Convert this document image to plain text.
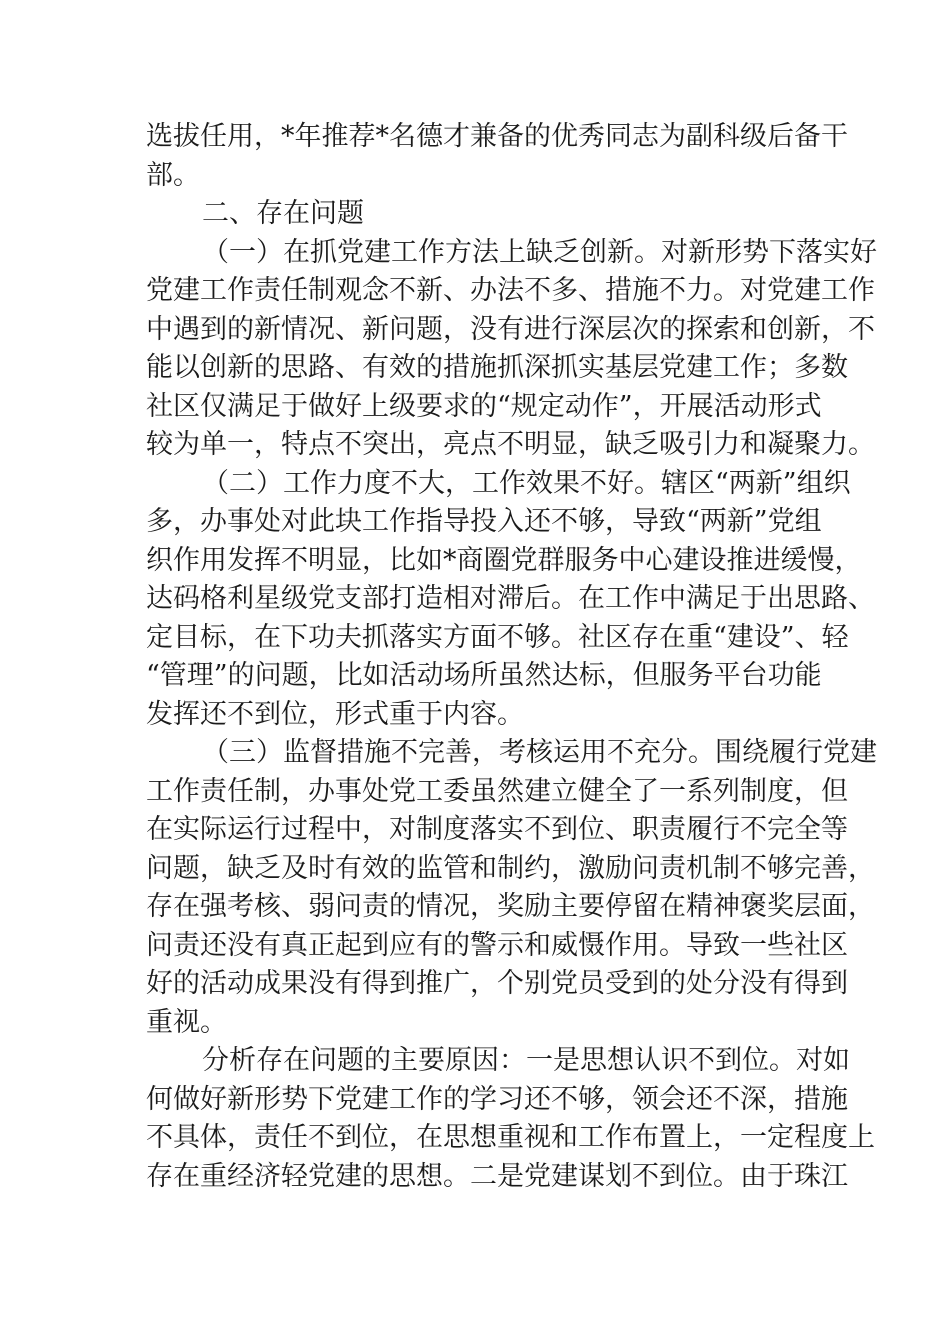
选拔任用，*年推荐*名德才兼备的优秀同志为副科级后备干
部。
二、存在问题
（一）在抓党建工作方法上缺乏创新。对新形势下落实好
党建工作责任制观念不新、办法不多、措施不力。对党建工作
中遇到的新情况、新问题，没有进行深层次的探索和创新，不
能以创新的思路、有效的措施抓深抓实基层党建工作；多数
社区仅满足于做好上级要求的“规定动作”，开展活动形式
较为单一，特点不突出，亮点不明显，缺乏吸引力和凝聚力。
（二）工作力度不大，工作效果不好。辖区“两新”组织
多，办事处对此块工作指导投入还不够，导致“两新”党组
织作用发挥不明显，比如*商圈党群服务中心建设推进缓慢，
达码格利星级党支部打造相对滞后。在工作中满足于出思路、
定目标，在下功夫抓落实方面不够。社区存在重“建设”、轻
“管理”的问题，比如活动场所虽然达标，但服务平台功能
发挥还不到位，形式重于内容。
（三）监督措施不完善，考核运用不充分。围绕履行党建
工作责任制，办事处党工委虽然建立健全了一系列制度，但
在实际运行过程中，对制度落实不到位、职责履行不完全等
问题，缺乏及时有效的监管和制约，激励问责机制不够完善，
存在强考核、弱问责的情况，奖励主要停留在精神褒奖层面，
问责还没有真正起到应有的警示和威慑作用。导致一些社区
好的活动成果没有得到推广，个别党员受到的处分没有得到
重视。
分析存在问题的主要原因：一是思想认识不到位。对如
何做好新形势下党建工作的学习还不够，领会还不深，措施
不具体，责任不到位，在思想重视和工作布置上，一定程度上
存在重经济轻党建的思想。二是党建谋划不到位。由于珠江
